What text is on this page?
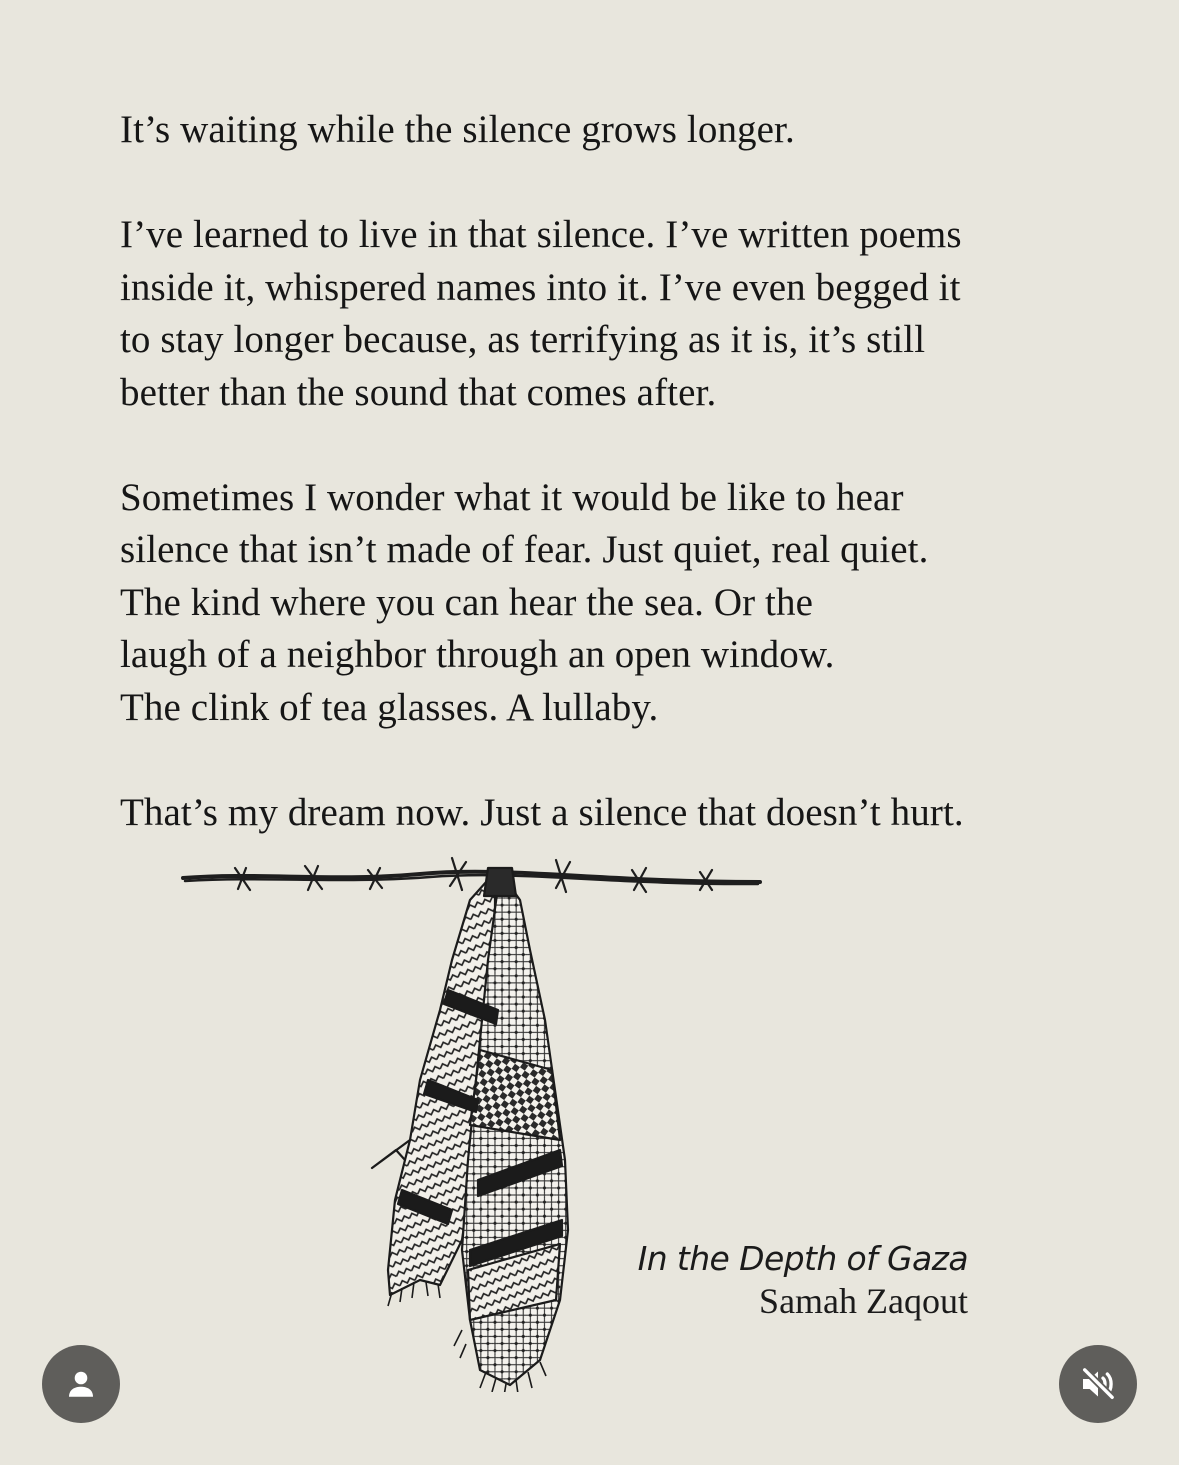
It’s waiting while the silence grows longer.
I’ve learned to live in that silence. I’ve written poems
inside it, whispered names into it. I’ve even begged it
to stay longer because, as terrifying as it is, it’s still
better than the sound that comes after.
Sometimes I wonder what it would be like to hear
silence that isn’t made of fear. Just quiet, real quiet.
The kind where you can hear the sea. Or the
laugh of a neighbor through an open window.
The clink of tea glasses. A lullaby.
That’s my dream now. Just a silence that doesn’t hurt.
In the Depth of Gaza
Samah Zaqout
